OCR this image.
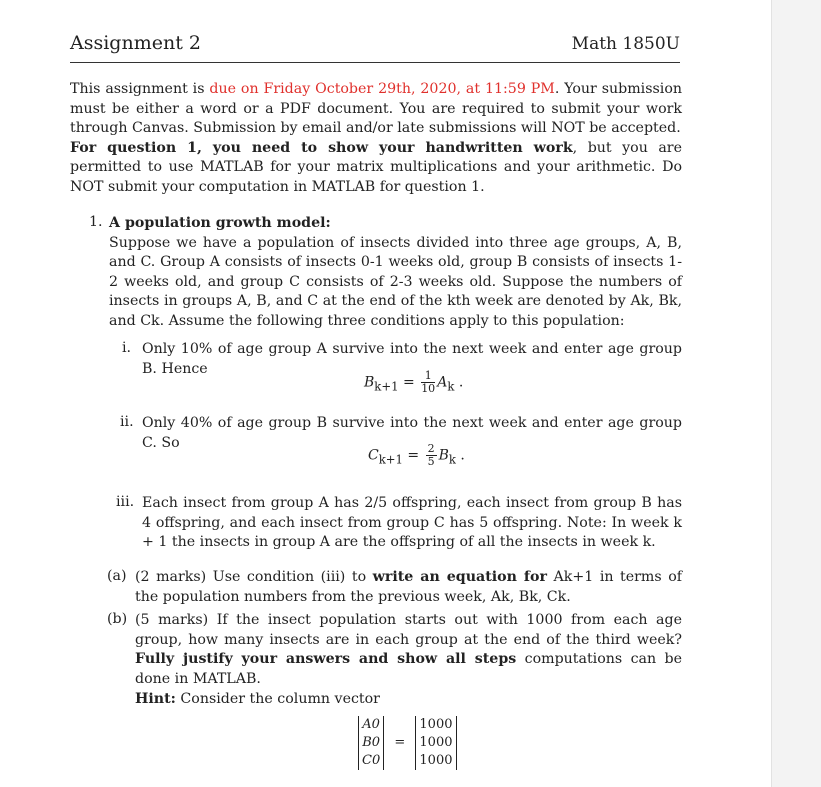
Assignment 2	Math 1850U
This assignment is due on Friday October 29th, 2020, at 11:59 PM. Your submission must be either a word or a PDF document. You are required to submit your work through Canvas. Submission by email and/or late submissions will NOT be accepted.
For question 1, you need to show your handwritten work, but you are permitted to use MATLAB for your matrix multiplications and your arithmetic. Do NOT submit your computation in MATLAB for question 1.
1. A population growth model:
Suppose we have a population of insects divided into three age groups, A, B, and C. Group A consists of insects 0-1 weeks old, group B consists of insects 1-2 weeks old, and group C consists of 2-3 weeks old. Suppose the numbers of insects in groups A, B, and C at the end of the kth week are denoted by Ak, Bk, and Ck. Assume the following three conditions apply to this population:
i. Only 10% of age group A survive into the next week and enter age group B. Hence
$B_{k+1} = \frac{1}{10} A_k$ .
ii. Only 40% of age group B survive into the next week and enter age group C. So
$C_{k+1} = \frac{2}{5} B_k$ .
iii. Each insect from group A has 2/5 offspring, each insect from group B has 4 offspring, and each insect from group C has 5 offspring. Note: In week k + 1 the insects in group A are the offspring of all the insects in week k.
(a) (2 marks) Use condition (iii) to write an equation for Ak+1 in terms of the population numbers from the previous week, Ak, Bk, Ck.
(b) (5 marks) If the insect population starts out with 1000 from each age group, how many insects are in each group at the end of the third week? Fully justify your answers and show all steps computations can be done in MATLAB.
Hint: Consider the column vector
A0
B0
C0
=
1000
1000
1000
